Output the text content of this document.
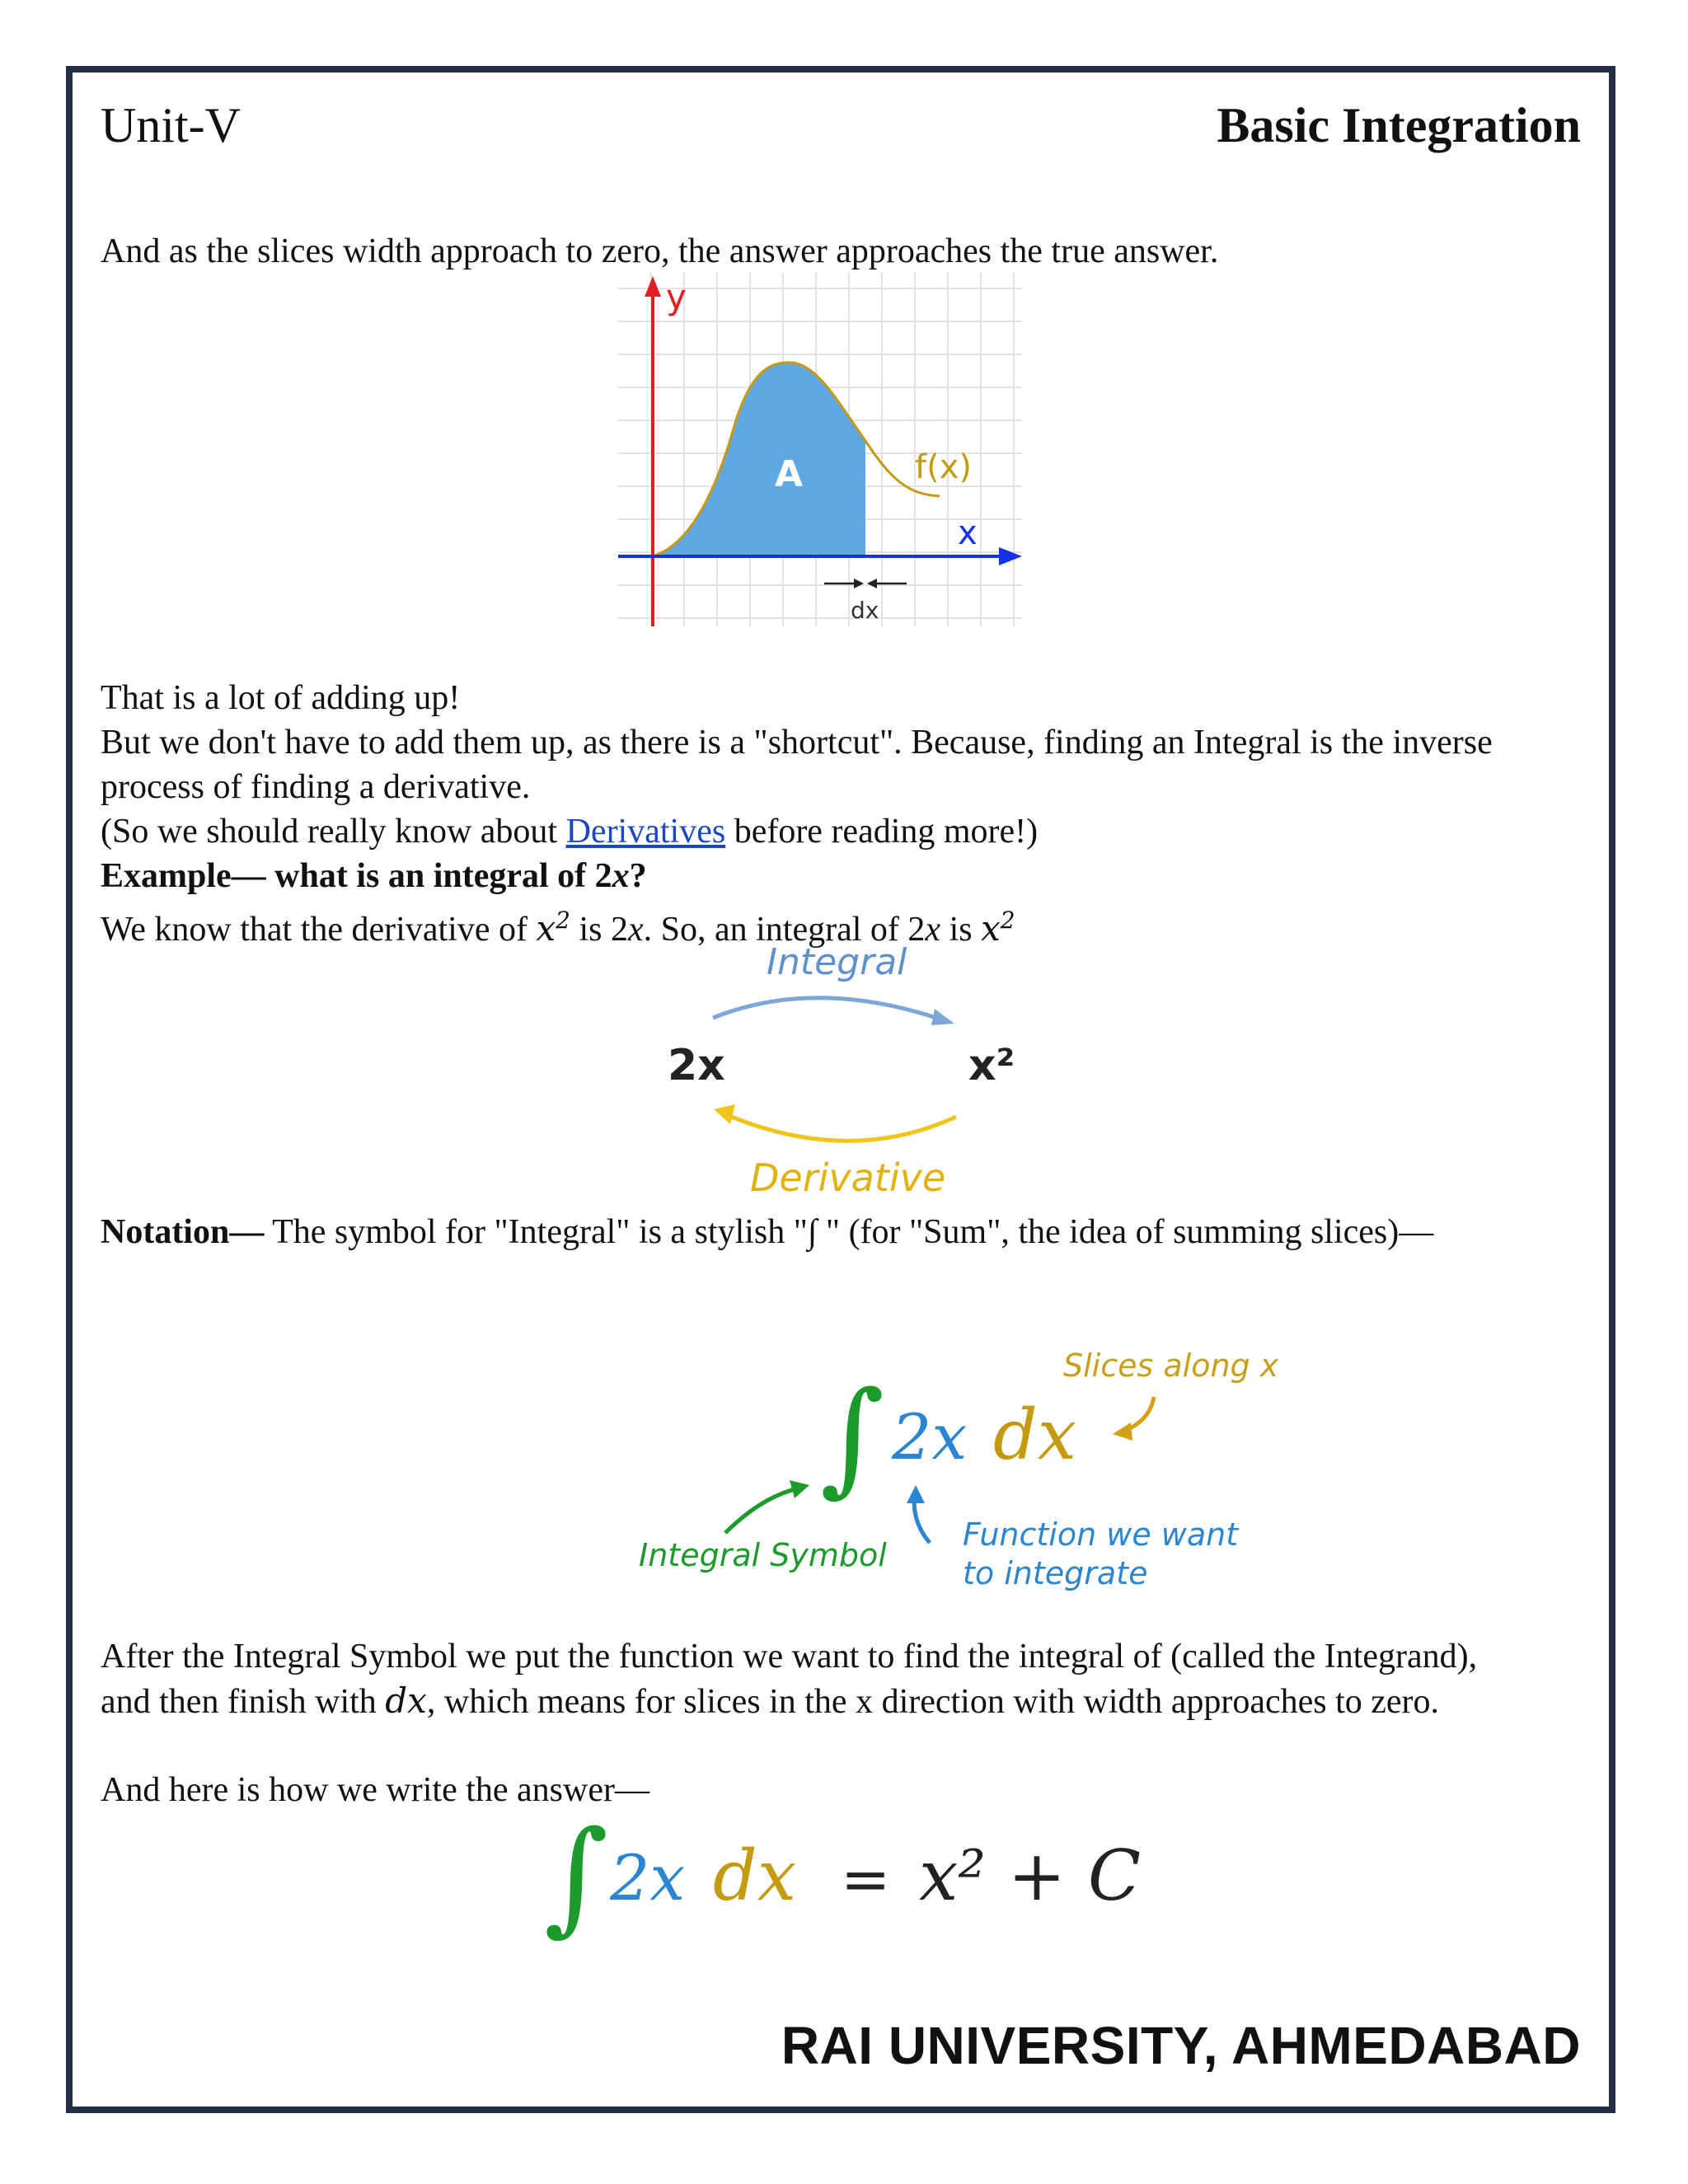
Unit-V	Basic Integration
And as the slices width approach to zero, the answer approaches the true answer.
y
x
A	f(x)
dx
That is a lot of adding up!
But we don't have to add them up, as there is a "shortcut". Because, finding an Integral is the inverse process of finding a derivative.
(So we should really know about Derivatives before reading more!)
Example— what is an integral of 2x?
We know that the derivative of $x^2$ is 2x. So, an integral of 2x is $x^2$
Integral
2x	x²
Derivative
Notation— The symbol for "Integral" is a stylish "∫ " (for "Sum", the idea of summing slices)—
Slices along x
∫ 2x dx
Integral Symbol
Function we want
to integrate
After the Integral Symbol we put the function we want to find the integral of (called the Integrand), and then finish with dx, which means for slices in the x direction with width approaches to zero.
And here is how we write the answer—
∫ 2x dx = x² + C
RAI UNIVERSITY, AHMEDABAD
